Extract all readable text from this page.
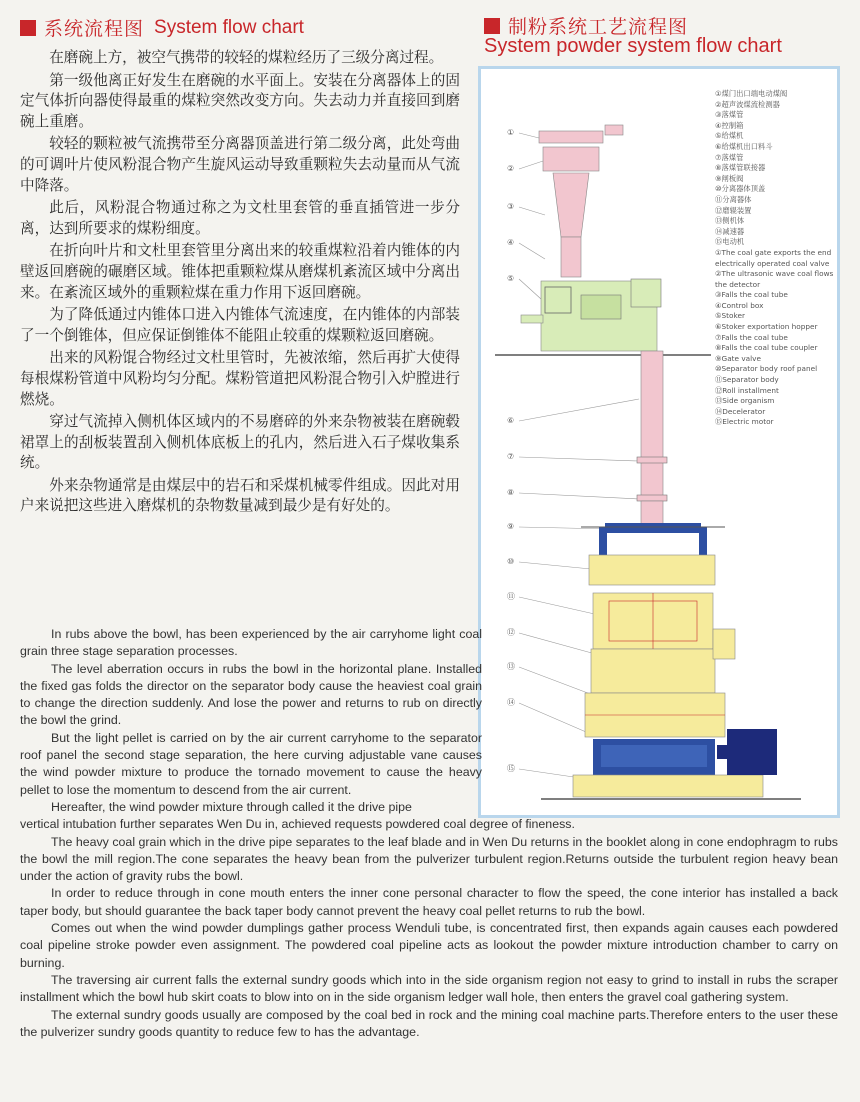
系统流程图 System flow chart	制粉系统工艺流程图
System powder system flow chart

在磨碗上方，被空气携带的较轻的煤粒经历了三级分离过程。

第一级他离正好发生在磨碗的水平面上。安装在分离器体上的固定气体折向器使得最重的煤粒突然改变方向。失去动力并直接回到磨碗上重磨。

较轻的颗粒被气流携带至分离器顶盖进行第二级分离，此处弯曲的可调叶片使风粉混合物产生旋风运动导致重颗粒失去动量而从气流中降落。

此后，风粉混合物通过称之为文杜里套管的垂直插管进一步分离，达到所要求的煤粉细度。

在折向叶片和文杜里套管里分离出来的较重煤粒沿着内锥体的内壁返回磨碗的碾磨区域。锥体把重颗粒煤从磨煤机紊流区域中分离出来。在紊流区域外的重颗粒煤在重力作用下返回磨碗。

为了降低通过内锥体口进入内锥体气流速度，在内锥体的内部装了一个倒锥体，但应保证倒锥体不能阻止较重的煤颗粒返回磨碗。

出来的风粉馄合物经过文杜里管时，先被浓缩，然后再扩大使得每根煤粉管道中风粉均匀分配。煤粉管道把风粉混合物引入炉膛进行燃烧。

穿过气流掉入侧机体区域内的不易磨碎的外来杂物被装在磨碗毂裙罩上的刮板装置刮入侧机体底板上的孔内，然后进入石子煤收集系统。

外来杂物通常是由煤层中的岩石和采煤机械零件组成。因此对用户来说把这些进入磨煤机的杂物数量减到最少是有好处的。

①
②
③
④
⑤
⑥
⑦
⑧
⑨
⑩
⑪
⑫
⑬
⑭
⑮
①煤门出口端电动煤阀
②超声波煤流检测器
③落煤管
④控制箱
⑤给煤机
⑥给煤机出口料斗
⑦落煤管
⑧落煤管联接器
⑨闸板阀
⑩分离器体顶盖
⑪分离器体
⑫磨辊装置
⑬侧机体
⑭减速器
⑮电动机
①The coal gate exports the end
electrically operated coal valve
②The ultrasonic wave coal flows
the detector
③Falls the coal tube
④Control box
⑤Stoker
⑥Stoker exportation hopper
⑦Falls the coal tube
⑧Falls the coal tube coupler
⑨Gate valve
⑩Separator body roof panel
⑪Separator body
⑫Roll installment
⑬Side organism
⑭Decelerator
⑮Electric motor

In rubs above the bowl, has been experienced by the air carryhome light coal grain three stage separation processes.

The level aberration occurs in rubs the bowl in the horizontal plane. Installed the fixed gas folds the director on the separator body cause the heaviest coal grain to change the direction suddenly. And lose the power and returns to rub on directly the bowl the grind.

But the light pellet is carried on by the air current carryhome to the separator roof panel the second stage separation, the here curving adjustable vane causes the wind powder mixture to produce the tornado movement to cause the heavy pellet to lose the momentum to descend from the air current.

Hereafter, the wind powder mixture through called it the drive pipe

vertical intubation further separates Wen Du in, achieved requests powdered coal degree of fineness.

The heavy coal grain which in the drive pipe separates to the leaf blade and in Wen Du returns in the booklet along in cone endophragm to rubs the bowl the mill region.The cone separates the heavy bean from the pulverizer turbulent region.Returns outside the turbulent region heavy bean under the action of gravity rubs the bowl.

In order to reduce through in cone mouth enters the inner cone personal character to flow the speed, the cone interior has installed a back taper body, but should guarantee the back taper body cannot prevent the heavy coal pellet returns to rub the bowl.

Comes out when the wind powder dumplings gather process Wenduli tube, is concentrated first, then expands again causes each powdered coal pipeline stroke powder even assignment. The powdered coal pipeline acts as lookout the powder mixture introduction chamber to carry on burning.

The traversing air current falls the external sundry goods which into in the side organism region not easy to grind to install in rubs the scraper installment which the bowl hub skirt coats to blow into on in the side organism ledger wall hole, then enters the gravel coal gathering system.

The external sundry goods usually are composed by the coal bed in rock and the mining coal machine parts.Therefore enters to the user these the pulverizer sundry goods quantity to reduce few to has the advantage.
